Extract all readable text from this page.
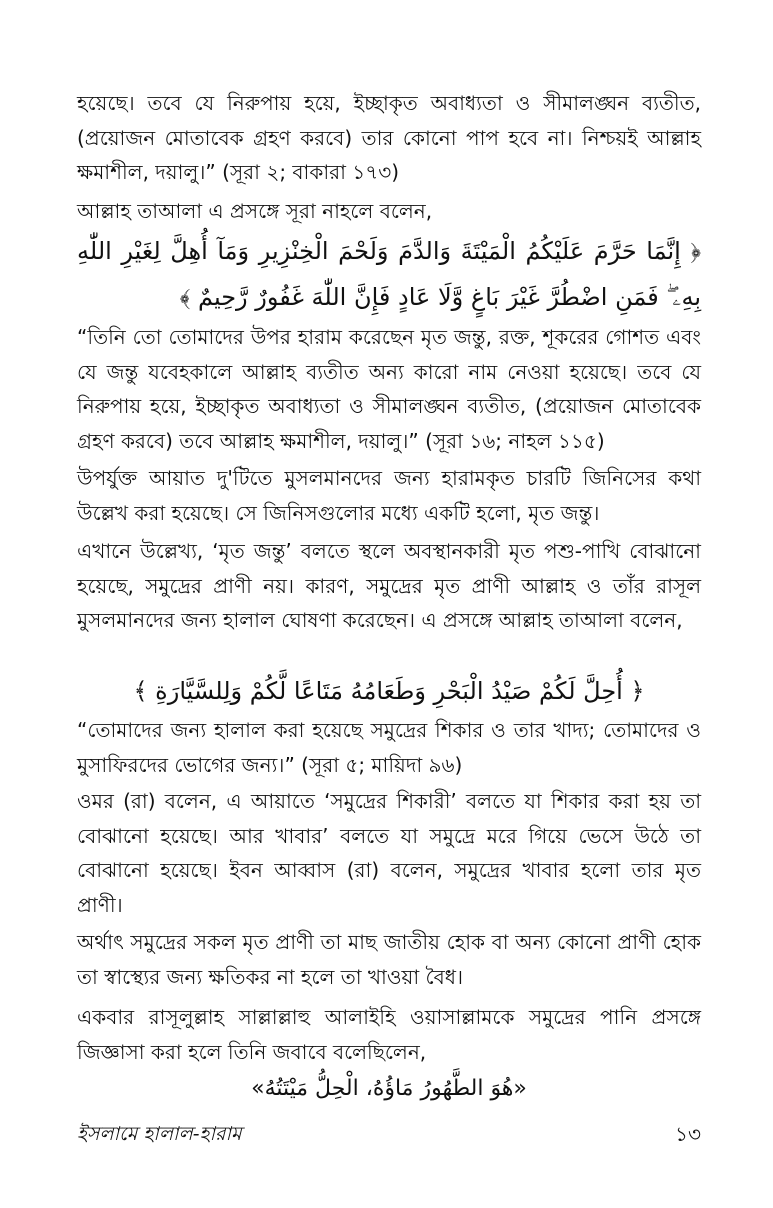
হয়েছে। তবে যে নিরুপায় হয়ে, ইচ্ছাকৃত অবাধ্যতা ও সীমালঙ্ঘন ব্যতীত, (প্রয়োজন মোতাবেক গ্রহণ করবে) তার কোনো পাপ হবে না। নিশ্চয়ই আল্লাহ ক্ষমাশীল, দয়ালু।” (সূরা ২; বাকারা ১৭৩)

আল্লাহ তাআলা এ প্রসঙ্গে সূরা নাহলে বলেন,

﴿ إِنَّمَا حَرَّمَ عَلَيْكُمُ الْمَيْتَةَ وَالدَّمَ وَلَحْمَ الْخِنْزِيرِ وَمَآ أُهِلَّ لِغَيْرِ اللّٰهِ بِهِۦ ۖ فَمَنِ اضْطُرَّ غَيْرَ بَاغٍ وَّلَا عَادٍ فَإِنَّ اللّٰهَ غَفُورٌ رَّحِيمٌ ﴾

“তিনি তো তোমাদের উপর হারাম করেছেন মৃত জন্তু, রক্ত, শূকরের গোশত এবং যে জন্তু যবেহকালে আল্লাহ ব্যতীত অন্য কারো নাম নেওয়া হয়েছে। তবে যে নিরুপায় হয়ে, ইচ্ছাকৃত অবাধ্যতা ও সীমালঙ্ঘন ব্যতীত, (প্রয়োজন মোতাবেক গ্রহণ করবে) তবে আল্লাহ ক্ষমাশীল, দয়ালু।” (সূরা ১৬; নাহল ১১৫)

উপর্যুক্ত আয়াত দু'টিতে মুসলমানদের জন্য হারামকৃত চারটি জিনিসের কথা উল্লেখ করা হয়েছে। সে জিনিসগুলোর মধ্যে একটি হলো, মৃত জন্তু।

এখানে উল্লেখ্য, ‘মৃত জন্তু’ বলতে স্থলে অবস্থানকারী মৃত পশু-পাখি বোঝানো হয়েছে, সমুদ্রের প্রাণী নয়। কারণ, সমুদ্রের মৃত প্রাণী আল্লাহ ও তাঁর রাসূল মুসলমানদের জন্য হালাল ঘোষণা করেছেন। এ প্রসঙ্গে আল্লাহ তাআলা বলেন,

﴿ أُحِلَّ لَكُمْ صَيْدُ الْبَحْرِ وَطَعَامُهُ مَتَاعًا لَّكُمْ وَلِلسَّيَّارَةِ ﴾

“তোমাদের জন্য হালাল করা হয়েছে সমুদ্রের শিকার ও তার খাদ্য; তোমাদের ও মুসাফিরদের ভোগের জন্য।” (সূরা ৫; মায়িদা ৯৬)

ওমর (রা) বলেন, এ আয়াতে ‘সমুদ্রের শিকারী’ বলতে যা শিকার করা হয় তা বোঝানো হয়েছে। আর খাবার’ বলতে যা সমুদ্রে মরে গিয়ে ভেসে উঠে তা বোঝানো হয়েছে। ইবন আব্বাস (রা) বলেন, সমুদ্রের খাবার হলো তার মৃত প্রাণী।

অর্থাৎ সমুদ্রের সকল মৃত প্রাণী তা মাছ জাতীয় হোক বা অন্য কোনো প্রাণী হোক তা স্বাস্থ্যের জন্য ক্ষতিকর না হলে তা খাওয়া বৈধ।

একবার রাসূলুল্লাহ সাল্লাল্লাহু আলাইহি ওয়াসাল্লামকে সমুদ্রের পানি প্রসঙ্গে জিজ্ঞাসা করা হলে তিনি জবাবে বলেছিলেন,

«هُوَ الطَّهُورُ مَاؤُهُ، الْحِلُّ مَيْتَتُهُ»

ইসলামে হালাল-হারাম	১৩
